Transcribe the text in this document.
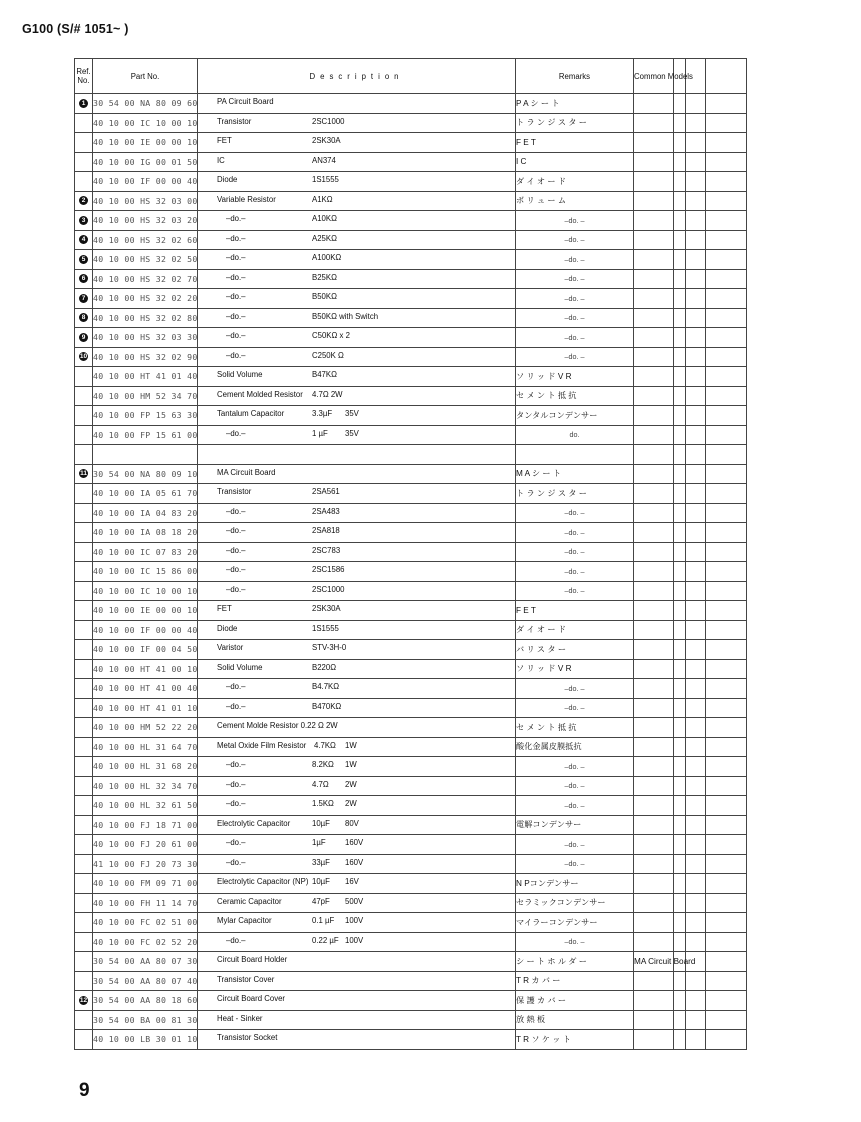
G100 (S/# 1051~ )
Ref.
No.	Part No.	Description	Remarks	Common Models			
1	30 54 00 NA 80 09 60	PA Circuit Board	P A シ ー ト				
	40 10 00 IC 10 00 10	Transistor 2SC1000	ト ラ ン ジ ス タ ー				
	40 10 00 IE 00 00 10	FET 2SK30A	F E T				
	40 10 00 IG 00 01 50	IC AN374	I C				
	40 10 00 IF 00 00 40	Diode 1S1555	ダ イ オ ー ド				
2	40 10 00 HS 32 03 00	Variable Resistor A1KΩ	ボ リ ュ ー ム				
3	40 10 00 HS 32 03 20	–do.– A10KΩ	–do. –				
4	40 10 00 HS 32 02 60	–do.– A25KΩ	–do. –				
5	40 10 00 HS 32 02 50	–do.– A100KΩ	–do. –				
6	40 10 00 HS 32 02 70	–do.– B25KΩ	–do. –				
7	40 10 00 HS 32 02 20	–do.– B50KΩ	–do. –				
8	40 10 00 HS 32 02 80	–do.– B50KΩ with Switch	–do. –				
9	40 10 00 HS 32 03 30	–do.– C50KΩ x 2	–do. –				
10	40 10 00 HS 32 02 90	–do.– C250K Ω	–do. –				
	40 10 00 HT 41 01 40	Solid Volume B47KΩ	ソ リ ッ ド V R				
	40 10 00 HM 52 34 70	Cement Molded Resistor 4.7Ω 2W	セ メ ン ト 抵 抗				
	40 10 00 FP 15 63 30	Tantalum Capacitor 3.3µF 35V	タンタルコンデンサー				
	40 10 00 FP 15 61 00	–do.– 1 µF 35V	do.				

11	30 54 00 NA 80 09 10	MA Circuit Board	M A シ ー ト				
	40 10 00 IA 05 61 70	Transistor 2SA561	ト ラ ン ジ ス タ ー				
	40 10 00 IA 04 83 20	–do.– 2SA483	–do. –				
	40 10 00 IA 08 18 20	–do.– 2SA818	–do. –				
	40 10 00 IC 07 83 20	–do.– 2SC783	–do. –				
	40 10 00 IC 15 86 00	–do.– 2SC1586	–do. –				
	40 10 00 IC 10 00 10	–do.– 2SC1000	–do. –				
	40 10 00 IE 00 00 10	FET 2SK30A	F E T				
	40 10 00 IF 00 00 40	Diode 1S1555	ダ イ オ ー ド				
	40 10 00 IF 00 04 50	Varistor STV-3H-0	バ リ ス タ ー				
	40 10 00 HT 41 00 10	Solid Volume B220Ω	ソ リ ッ ド V R				
	40 10 00 HT 41 00 40	–do.– B4.7KΩ	–do. –				
	40 10 00 HT 41 01 10	–do.– B470KΩ	–do. –				
	40 10 00 HM 52 22 20	Cement Molde Resistor 0.22 Ω 2W	セ メ ン ト 抵 抗				
	40 10 00 HL 31 64 70	Metal Oxide Film Resistor 4.7KΩ 1W	酸化金属皮膜抵抗				
	40 10 00 HL 31 68 20	–do.– 8.2KΩ 1W	–do. –				
	40 10 00 HL 32 34 70	–do.– 4.7Ω 2W	–do. –				
	40 10 00 HL 32 61 50	–do.– 1.5KΩ 2W	–do. –				
	40 10 00 FJ 18 71 00	Electrolytic Capacitor 10µF 80V	電解コンデンサー				
	40 10 00 FJ 20 61 00	–do.– 1µF 160V	–do. –				
	41 10 00 FJ 20 73 30	–do.– 33µF 160V	–do. –				
	40 10 00 FM 09 71 00	Electrolytic Capacitor (NP) 10µF 16V	N Pコンデンサー				
	40 10 00 FH 11 14 70	Ceramic Capacitor 47pF 500V	セラミックコンデンサー				
	40 10 00 FC 02 51 00	Mylar Capacitor 0.1 µF 100V	マイラーコンデンサー				
	40 10 00 FC 02 52 20	–do.– 0.22 µF 100V	–do. –				
	30 54 00 AA 80 07 30	Circuit Board Holder	シ ー ト ホ ル ダ ー	MA Circuit Board			
	30 54 00 AA 80 07 40	Transistor Cover	T R カ バ ー				
12	30 54 00 AA 80 18 60	Circuit Board Cover	保 護 カ バ ー				
	30 54 00 BA 00 81 30	Heat - Sinker	放 熱 板				
	40 10 00 LB 30 01 10	Transistor Socket	T R ソ ケ ッ ト				
9
